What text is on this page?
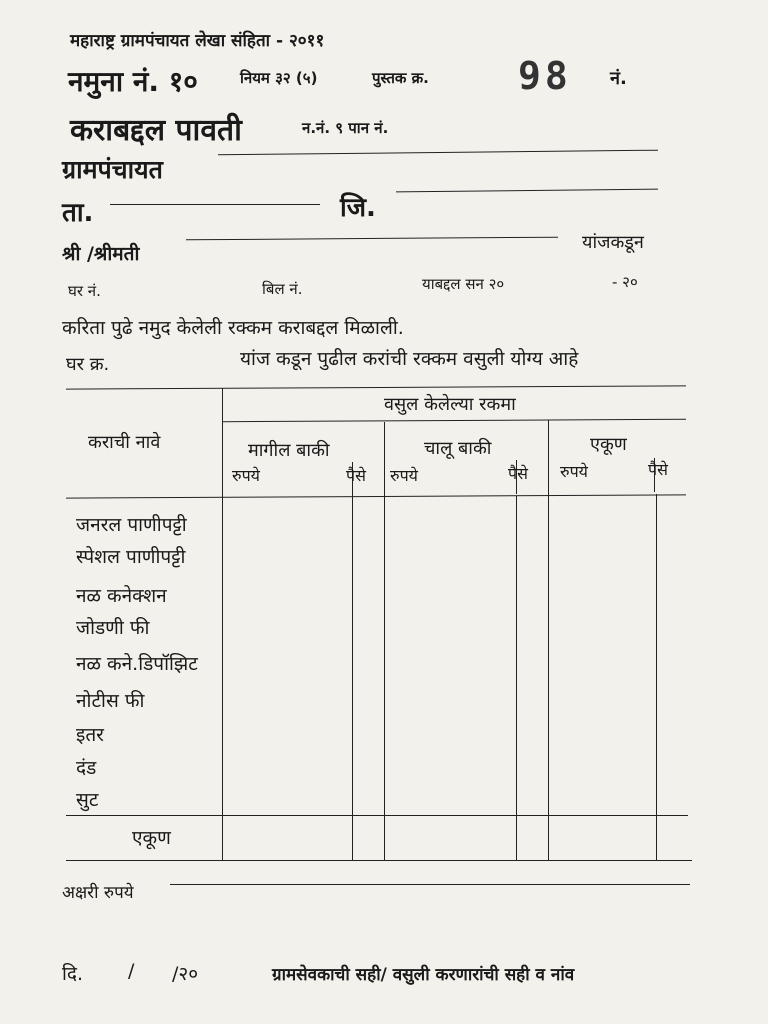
महाराष्ट्र ग्रामपंचायत लेखा संहिता - २०११
नमुना नं. १०	नियम ३२ (५)	पुस्तक क्र. 98 नं.
कराबद्दल पावती	न.नं. ९ पान नं.
ग्रामपंचायत
ता.	जि.
श्री /श्रीमती
यांजकडून
घर नं.	बिल नं.	याबद्दल सन २०	- २०
करिता पुढे नमुद केलेली रक्कम कराबद्दल मिळाली.
घर क्र.	यांज कडून पुढील करांची रक्कम वसुली योग्य आहे
कराची नावे
वसुल केलेल्या रकमा
मागील बाकी
रुपये	पैसे
चालू बाकी
रुपये	पैसे
एकूण
रुपये	पैसे
जनरल पाणीपट्टी
स्पेशल पाणीपट्टी
नळ कनेक्शन
जोडणी फी
नळ कने.डिपॉझिट
नोटीस फी
इतर
दंड
सुट
एकूण
अक्षरी रुपये
दि. / /२०	ग्रामसेवकाची सही/ वसुली करणारांची सही व नांव
